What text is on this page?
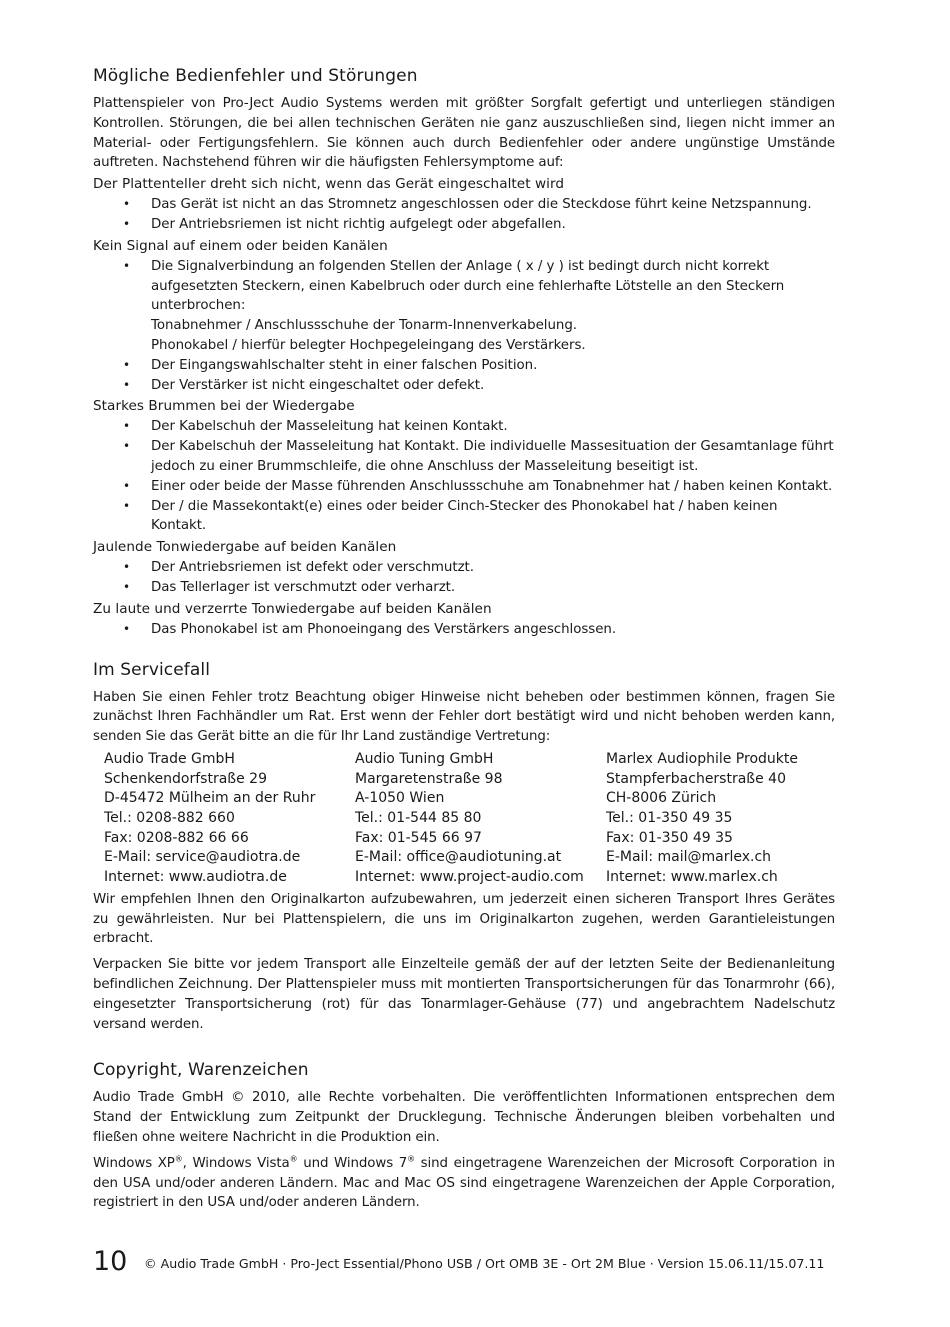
Mögliche Bedienfehler und Störungen

Plattenspieler von Pro-Ject Audio Systems werden mit größter Sorgfalt gefertigt und unterliegen ständigen Kontrollen. Störungen, die bei allen technischen Geräten nie ganz auszuschließen sind, liegen nicht immer an Material- oder Fertigungsfehlern. Sie können auch durch Bedienfehler oder andere ungünstige Umstände auftreten. Nachstehend führen wir die häufigsten Fehlersymptome auf:

Der Plattenteller dreht sich nicht, wenn das Gerät eingeschaltet wird
• Das Gerät ist nicht an das Stromnetz angeschlossen oder die Steckdose führt keine Netzspannung.
• Der Antriebsriemen ist nicht richtig aufgelegt oder abgefallen.
Kein Signal auf einem oder beiden Kanälen
• Die Signalverbindung an folgenden Stellen der Anlage ( x / y ) ist bedingt durch nicht korrekt aufgesetzten Steckern, einen Kabelbruch oder durch eine fehlerhafte Lötstelle an den Steckern unterbrochen:
Tonabnehmer / Anschlussschuhe der Tonarm-Innenverkabelung.
Phonokabel / hierfür belegter Hochpegeleingang des Verstärkers.
• Der Eingangswahlschalter steht in einer falschen Position.
• Der Verstärker ist nicht eingeschaltet oder defekt.
Starkes Brummen bei der Wiedergabe
• Der Kabelschuh der Masseleitung hat keinen Kontakt.
• Der Kabelschuh der Masseleitung hat Kontakt. Die individuelle Massesituation der Gesamtanlage führt jedoch zu einer Brummschleife, die ohne Anschluss der Masseleitung beseitigt ist.
• Einer oder beide der Masse führenden Anschlussschuhe am Tonabnehmer hat / haben keinen Kontakt.
• Der / die Massekontakt(e) eines oder beider Cinch-Stecker des Phonokabel hat / haben keinen Kontakt.
Jaulende Tonwiedergabe auf beiden Kanälen
• Der Antriebsriemen ist defekt oder verschmutzt.
• Das Tellerlager ist verschmutzt oder verharzt.
Zu laute und verzerrte Tonwiedergabe auf beiden Kanälen
• Das Phonokabel ist am Phonoeingang des Verstärkers angeschlossen.
Im Servicefall

Haben Sie einen Fehler trotz Beachtung obiger Hinweise nicht beheben oder bestimmen können, fragen Sie zunächst Ihren Fachhändler um Rat. Erst wenn der Fehler dort bestätigt wird und nicht behoben werden kann, senden Sie das Gerät bitte an die für Ihr Land zuständige Vertretung:

Audio Trade GmbH
Schenkendorfstraße 29
D-45472 Mülheim an der Ruhr
Tel.: 0208-882 660
Fax: 0208-882 66 66
E-Mail: service@audiotra.de
Internet: www.audiotra.de
Audio Tuning GmbH
Margaretenstraße 98
A-1050 Wien
Tel.: 01-544 85 80
Fax: 01-545 66 97
E-Mail: office@audiotuning.at
Internet: www.project-audio.com
Marlex Audiophile Produkte
Stampferbacherstraße 40
CH-8006 Zürich
Tel.: 01-350 49 35
Fax: 01-350 49 35
E-Mail: mail@marlex.ch
Internet: www.marlex.ch

Wir empfehlen Ihnen den Originalkarton aufzubewahren, um jederzeit einen sicheren Transport Ihres Gerätes zu gewährleisten. Nur bei Plattenspielern, die uns im Originalkarton zugehen, werden Garantieleistungen erbracht.

Verpacken Sie bitte vor jedem Transport alle Einzelteile gemäß der auf der letzten Seite der Bedienanleitung befindlichen Zeichnung. Der Plattenspieler muss mit montierten Transportsicherungen für das Tonarmrohr (66), eingesetzter Transportsicherung (rot) für das Tonarmlager-Gehäuse (77) und angebrachtem Nadelschutz versand werden.

Copyright, Warenzeichen

Audio Trade GmbH © 2010, alle Rechte vorbehalten. Die veröffentlichten Informationen entsprechen dem Stand der Entwicklung zum Zeitpunkt der Drucklegung. Technische Änderungen bleiben vorbehalten und fließen ohne weitere Nachricht in die Produktion ein.

Windows XP®, Windows Vista® und Windows 7® sind eingetragene Warenzeichen der Microsoft Corporation in den USA und/oder anderen Ländern. Mac and Mac OS sind eingetragene Warenzeichen der Apple Corporation, registriert in den USA und/oder anderen Ländern.

10 © Audio Trade GmbH · Pro-Ject Essential/Phono USB / Ort OMB 3E - Ort 2M Blue · Version 15.06.11/15.07.11
